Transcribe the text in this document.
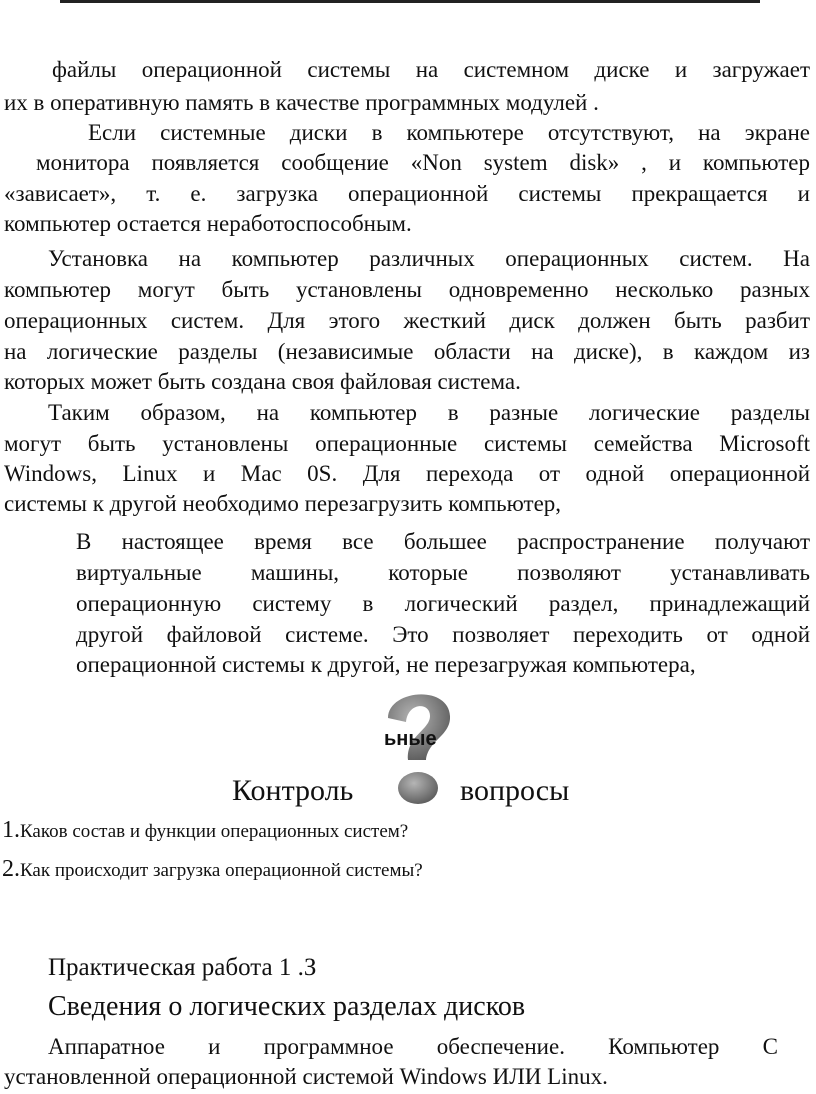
файлы операционной системы на системном диске и загружает
их в оперативную память в качестве программных модулей .
Если системные диски в компьютере отсутствуют, на экране
монитора появляется сообщение «Non system disk» , и компьютер
«зависает», т. е. загрузка операционной системы прекращается и
компьютер остается неработоспособным.
Установка на компьютер различных операционных систем. На
компьютер могут быть установлены одновременно несколько разных
операционных систем. Для этого жесткий диск должен быть разбит
на логические разделы (независимые области на диске), в каждом из
которых может быть создана своя файловая система.
Таким образом, на компьютер в разные логические разделы
могут быть установлены операционные системы семейства Microsoft
Windows, Linux и Mac 0S. Для перехода от одной операционной
системы к другой необходимо перезагрузить компьютер,
В настоящее время все большее распространение получают
виртуальные машины, которые позволяют устанавливать
операционную систему в логический раздел, принадлежащий
другой файловой системе. Это позволяет переходить от одной
операционной системы к другой, не перезагружая компьютера,
ьные
Контроль	вопросы
1.Каков состав и функции операционных систем?
2.Как происходит загрузка операционной системы?
Практическая работа 1 .З
Сведения о логических разделах дисков
Аппаратное и программное обеспечение. Компьютер С
установленной операционной системой Windows ИЛИ Linux.
